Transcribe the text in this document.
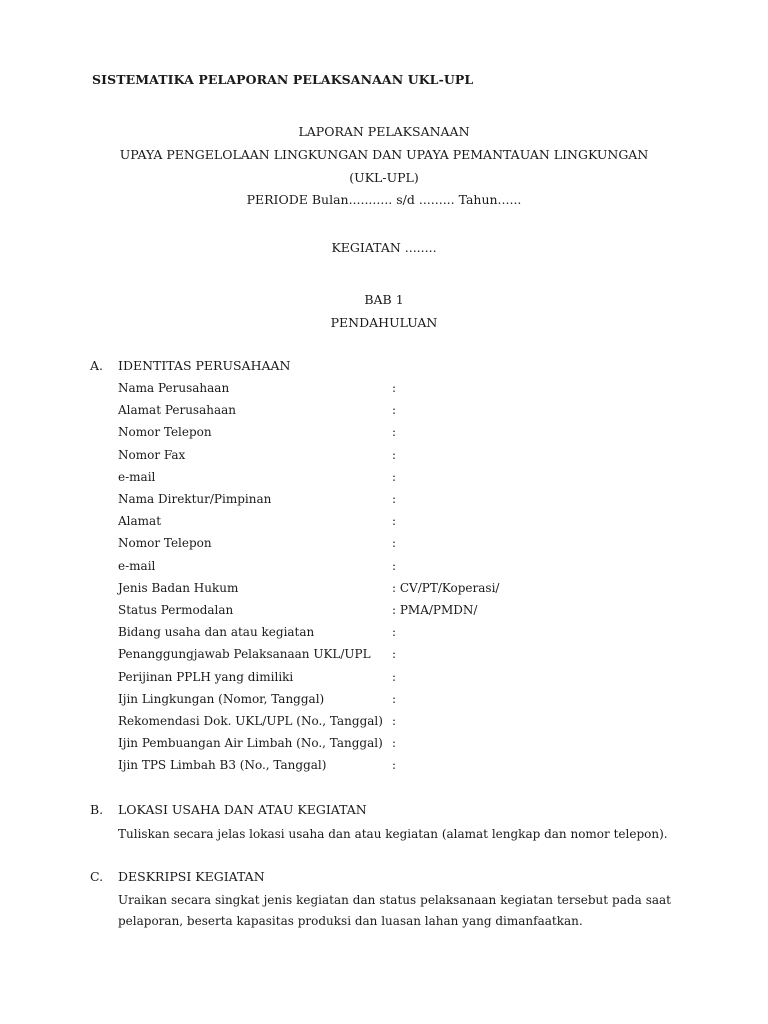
SISTEMATIKA PELAPORAN PELAKSANAAN UKL-UPL
LAPORAN PELAKSANAAN
UPAYA PENGELOLAAN LINGKUNGAN DAN UPAYA PEMANTAUAN LINGKUNGAN
(UKL-UPL)
PERIODE Bulan........... s/d ......... Tahun......
KEGIATAN ........
BAB 1
PENDAHULUAN
A. IDENTITAS PERUSAHAAN
Nama Perusahaan	:
Alamat Perusahaan	:
Nomor Telepon	:
Nomor Fax	:
e-mail	:
Nama Direktur/Pimpinan	:
Alamat	:
Nomor Telepon	:
e-mail	:
Jenis Badan Hukum	: CV/PT/Koperasi/
Status Permodalan	: PMA/PMDN/
Bidang usaha dan atau kegiatan	:
Penanggungjawab Pelaksanaan UKL/UPL :
Perijinan PPLH yang dimiliki	:
Ijin Lingkungan (Nomor, Tanggal)	:
Rekomendasi Dok. UKL/UPL (No., Tanggal) :
Ijin Pembuangan Air Limbah (No., Tanggal) :
Ijin TPS Limbah B3 (No., Tanggal)	:
B. LOKASI USAHA DAN ATAU KEGIATAN

Tuliskan secara jelas lokasi usaha dan atau kegiatan (alamat lengkap dan nomor telepon).

C. DESKRIPSI KEGIATAN

Uraikan secara singkat jenis kegiatan dan status pelaksanaan kegiatan tersebut pada saat pelaporan, beserta kapasitas produksi dan luasan lahan yang dimanfaatkan.
